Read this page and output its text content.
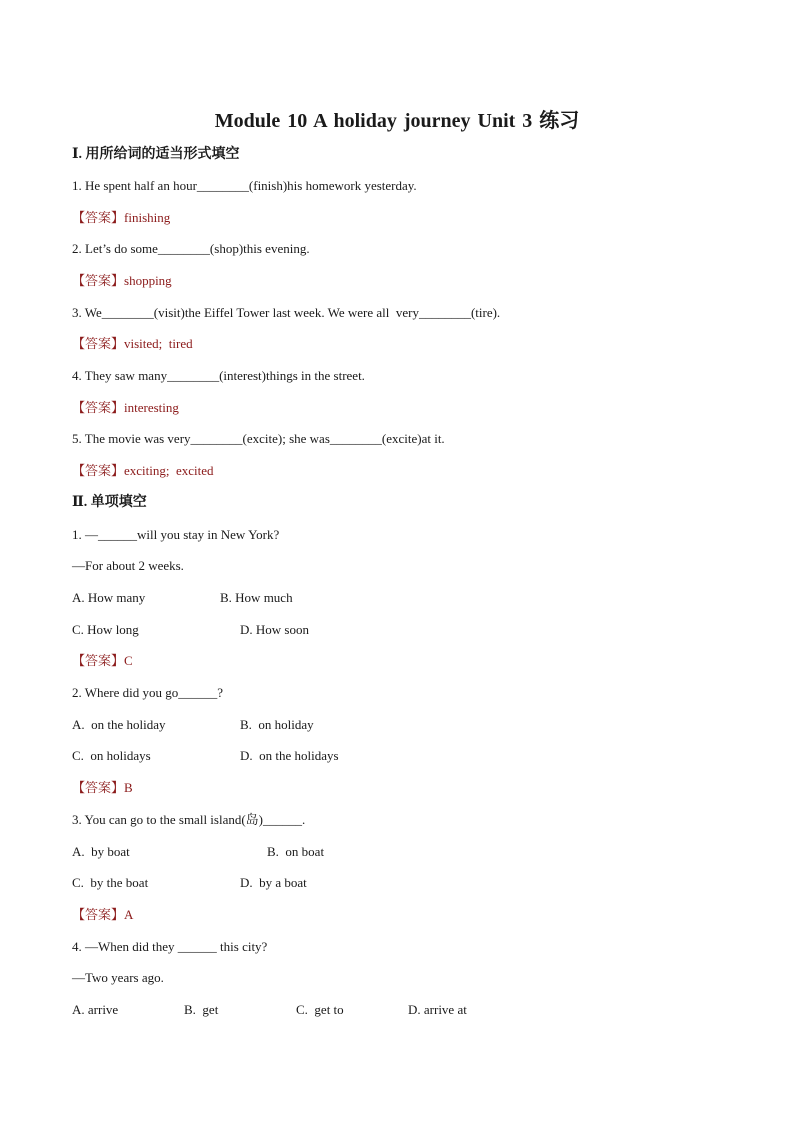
Module 10 A holiday journey Unit 3 练习
Ⅰ. 用所给词的适当形式填空
1. He spent half an hour________(finish)his homework yesterday.
【答案】finishing
2. Let’s do some________(shop)this evening.
【答案】shopping
3. We________(visit)the Eiffel Tower last week. We were all  very________(tire).
【答案】visited;  tired
4. They saw many________(interest)things in the street.
【答案】interesting
5. The movie was very________(excite); she was________(excite)at it.
【答案】exciting;  excited
Ⅱ. 单项填空
1. —______will you stay in New York?
—For about 2 weeks.
A. How many	B. How much
C. How long	D. How soon
【答案】C
2. Where did you go______?
A.  on the holiday	B.  on holiday
C.  on holidays	D.  on the holidays
【答案】B
3. You can go to the small island(岛)______.
A.  by boat	B.  on boat
C.  by the boat	D.  by a boat
【答案】A
4. —When did they ______ this city?
—Two years ago.
A. arrive	B.  get	C.  get to	D. arrive at
